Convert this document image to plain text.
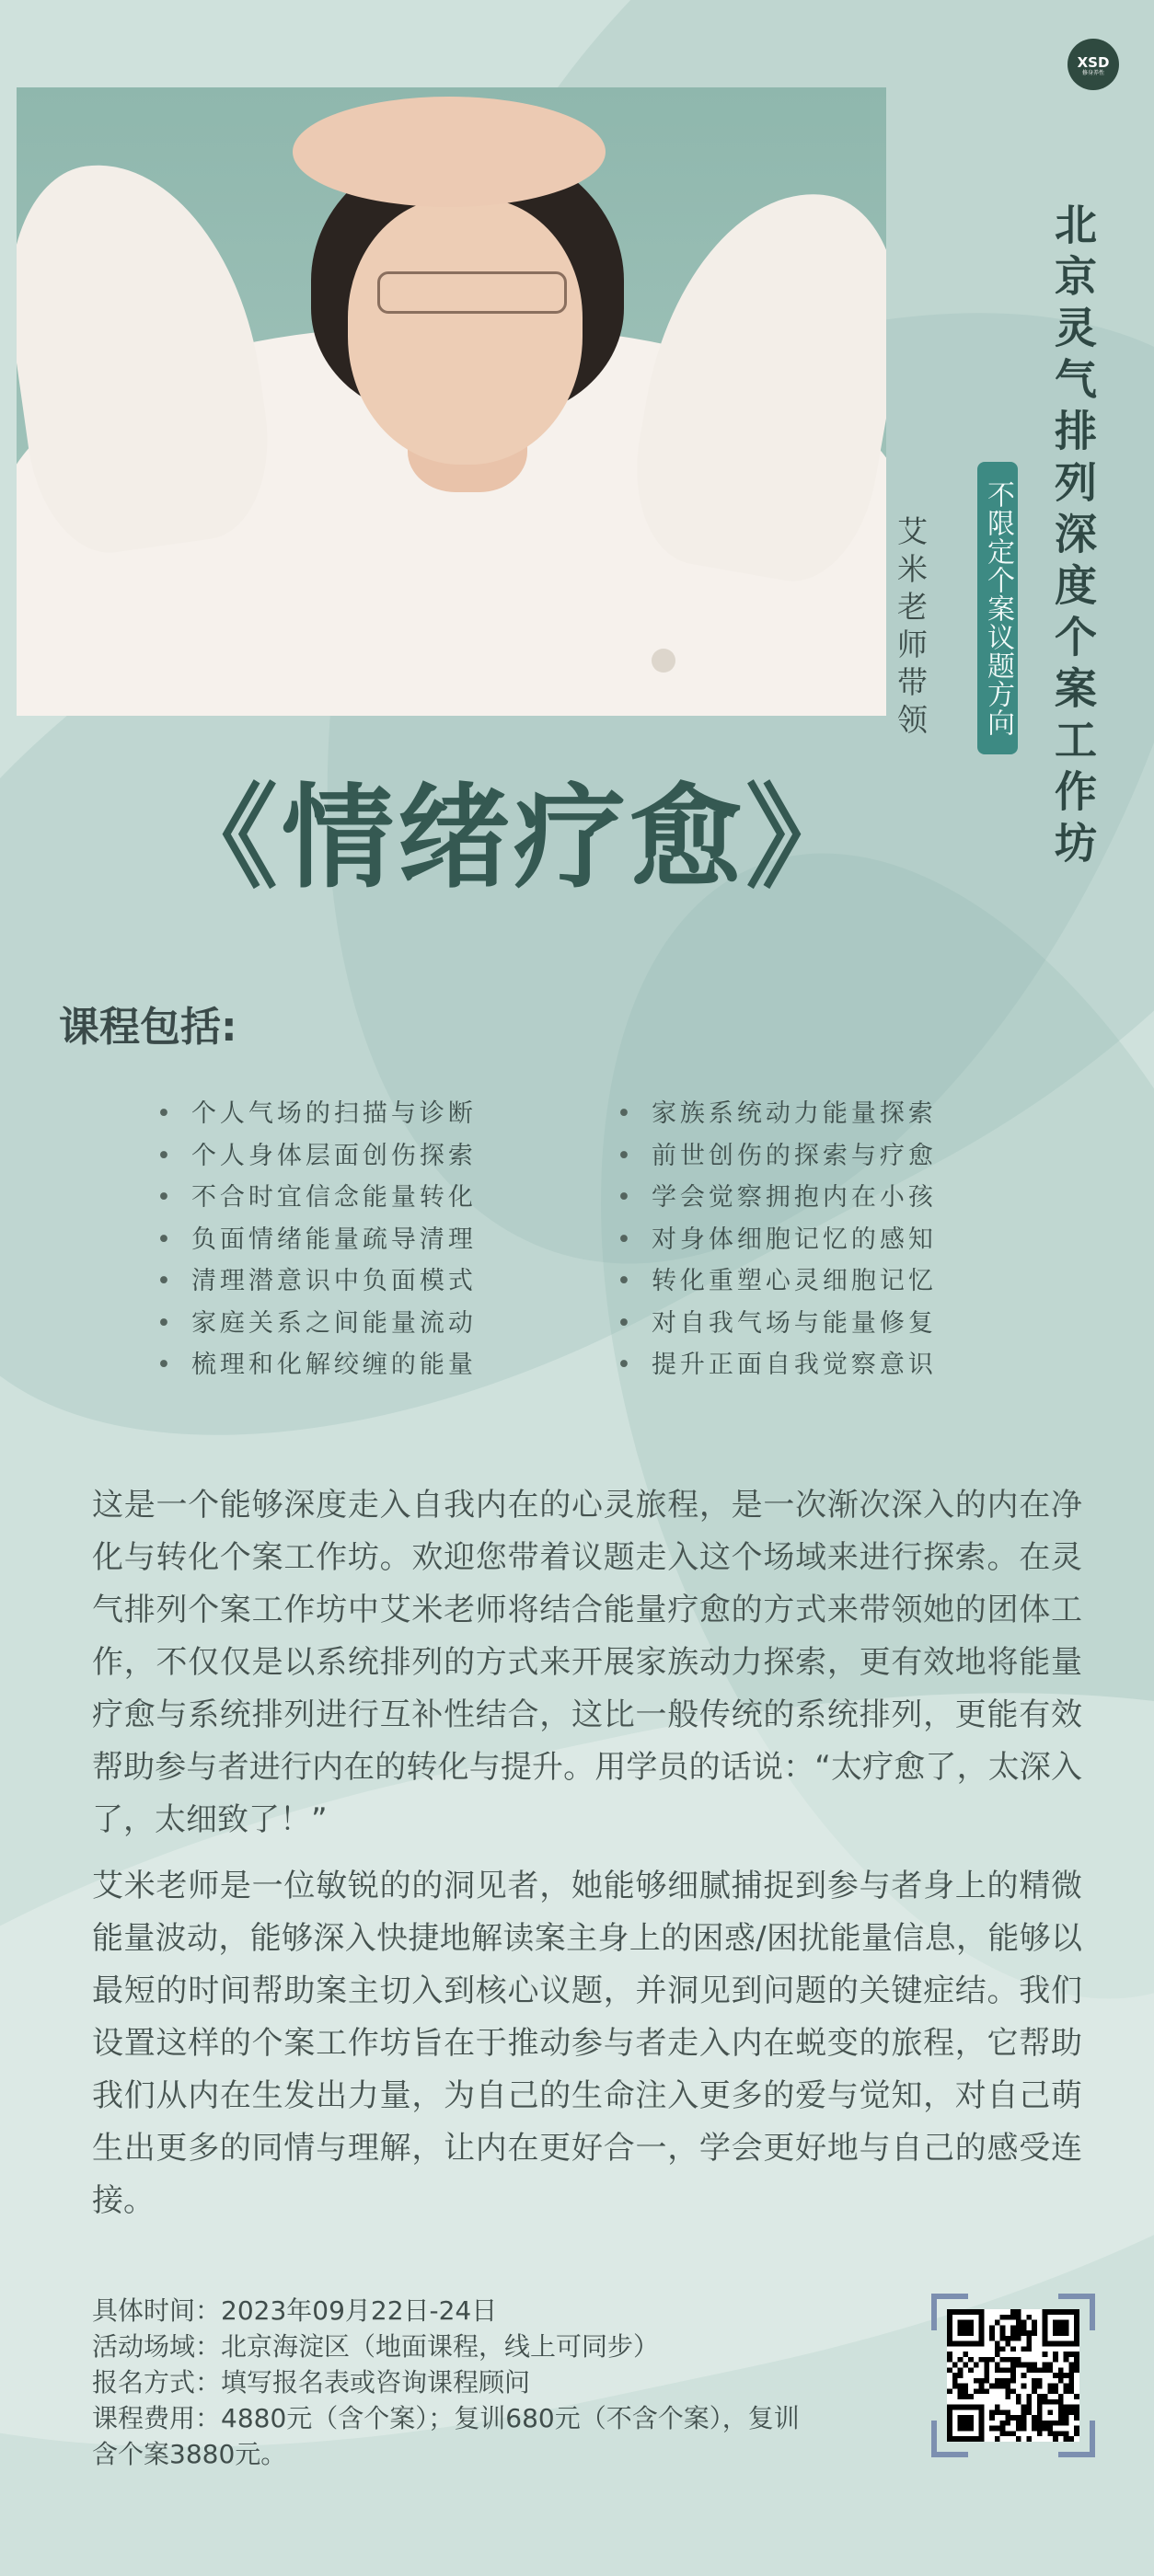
XSD
修身养性
北京灵气排列深度个案工作坊
不限定个案议题方向
艾米老师带领
《情绪疗愈》
课程包括:
• 个人气场的扫描与诊断
• 个人身体层面创伤探索
• 不合时宜信念能量转化
• 负面情绪能量疏导清理
• 清理潜意识中负面模式
• 家庭关系之间能量流动
• 梳理和化解绞缠的能量
• 家族系统动力能量探索
• 前世创伤的探索与疗愈
• 学会觉察拥抱内在小孩
• 对身体细胞记忆的感知
• 转化重塑心灵细胞记忆
• 对自我气场与能量修复
• 提升正面自我觉察意识

这是一个能够深度走入自我内在的心灵旅程，是一次渐次深入的内在净化与转化个案工作坊。欢迎您带着议题走入这个场域来进行探索。在灵气排列个案工作坊中艾米老师将结合能量疗愈的方式来带领她的团体工作，不仅仅是以系统排列的方式来开展家族动力探索，更有效地将能量疗愈与系统排列进行互补性结合，这比一般传统的系统排列，更能有效帮助参与者进行内在的转化与提升。用学员的话说：“太疗愈了，太深入了，太细致了！”

艾米老师是一位敏锐的的洞见者，她能够细腻捕捉到参与者身上的精微能量波动，能够深入快捷地解读案主身上的困惑/困扰能量信息，能够以最短的时间帮助案主切入到核心议题，并洞见到问题的关键症结。我们设置这样的个案工作坊旨在于推动参与者走入内在蜕变的旅程，它帮助我们从内在生发出力量，为自己的生命注入更多的爱与觉知，对自己萌生出更多的同情与理解，让内在更好合一，学会更好地与自己的感受连接。

具体时间：2023年09月22日-24日
活动场域：北京海淀区（地面课程，线上可同步）
报名方式：填写报名表或咨询课程顾问
课程费用：4880元（含个案）；复训680元（不含个案），复训含个案3880元。
